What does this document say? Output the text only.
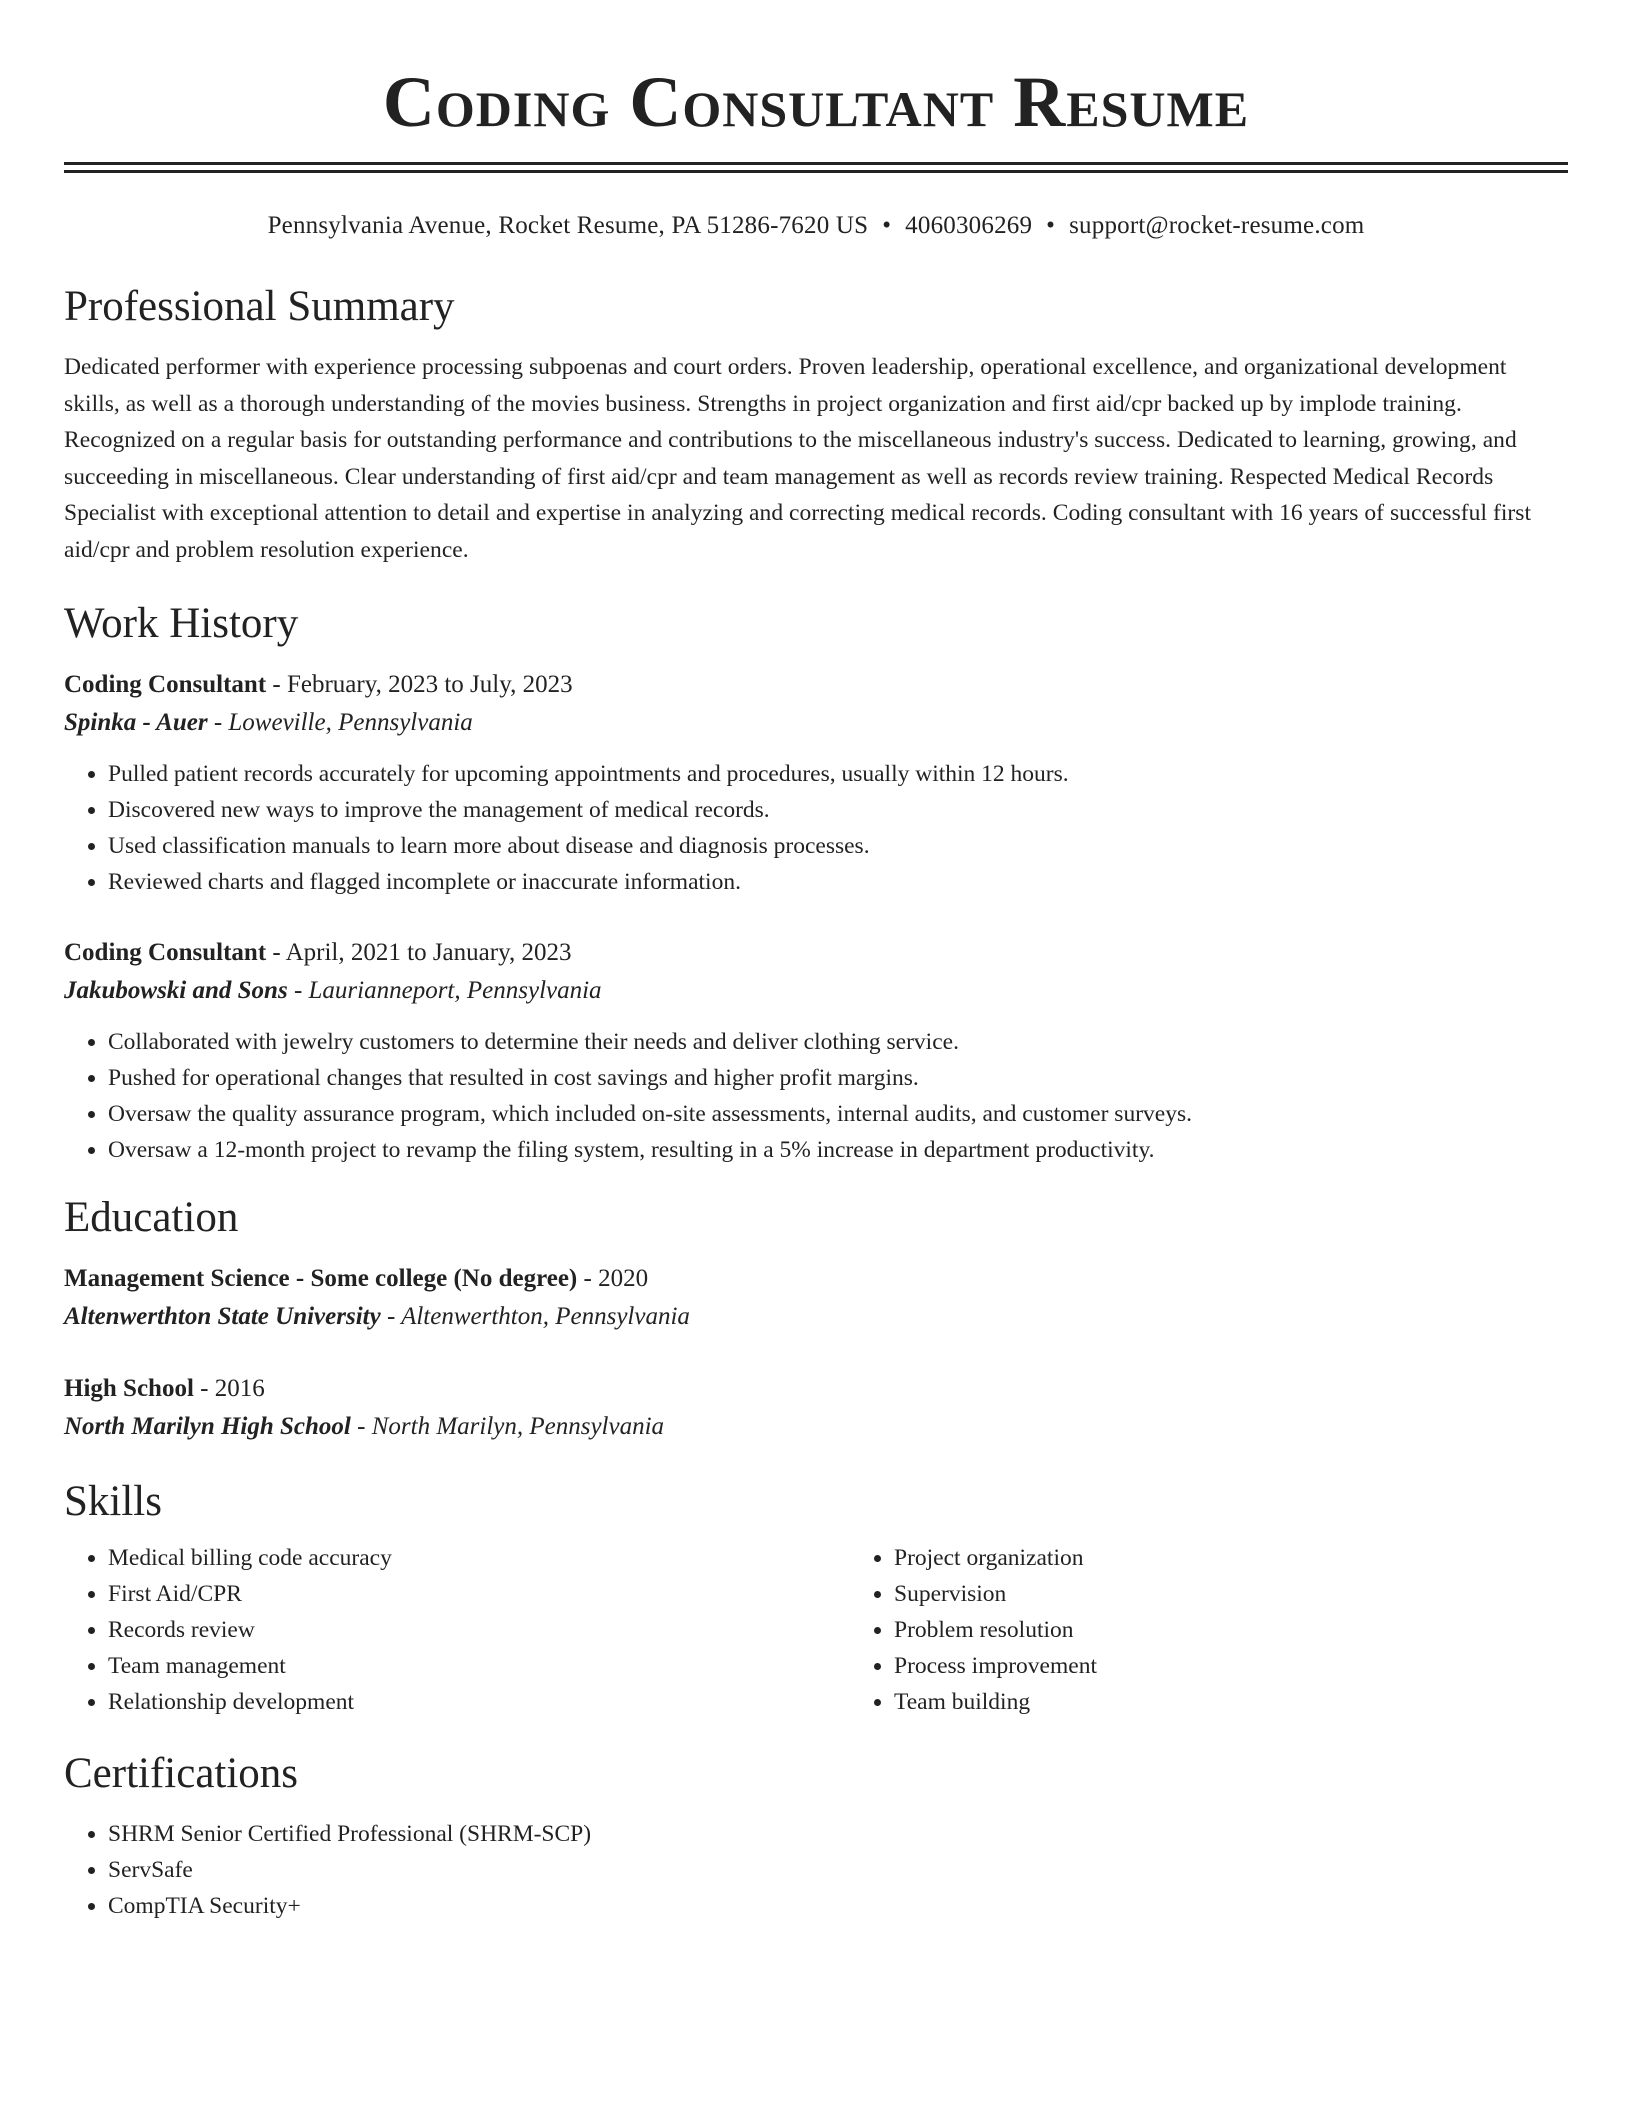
Coding Consultant Resume
Pennsylvania Avenue, Rocket Resume, PA 51286-7620 US • 4060306269 • support@rocket-resume.com
Professional Summary
Dedicated performer with experience processing subpoenas and court orders. Proven leadership, operational excellence, and organizational development skills, as well as a thorough understanding of the movies business. Strengths in project organization and first aid/cpr backed up by implode training. Recognized on a regular basis for outstanding performance and contributions to the miscellaneous industry's success. Dedicated to learning, growing, and succeeding in miscellaneous. Clear understanding of first aid/cpr and team management as well as records review training. Respected Medical Records Specialist with exceptional attention to detail and expertise in analyzing and correcting medical records. Coding consultant with 16 years of successful first aid/cpr and problem resolution experience.
Work History
Coding Consultant - February, 2023 to July, 2023
Spinka - Auer - Loweville, Pennsylvania
• Pulled patient records accurately for upcoming appointments and procedures, usually within 12 hours.
• Discovered new ways to improve the management of medical records.
• Used classification manuals to learn more about disease and diagnosis processes.
• Reviewed charts and flagged incomplete or inaccurate information.
Coding Consultant - April, 2021 to January, 2023
Jakubowski and Sons - Laurianneport, Pennsylvania
• Collaborated with jewelry customers to determine their needs and deliver clothing service.
• Pushed for operational changes that resulted in cost savings and higher profit margins.
• Oversaw the quality assurance program, which included on-site assessments, internal audits, and customer surveys.
• Oversaw a 12-month project to revamp the filing system, resulting in a 5% increase in department productivity.
Education
Management Science - Some college (No degree) - 2020
Altenwerthton State University - Altenwerthton, Pennsylvania
High School - 2016
North Marilyn High School - North Marilyn, Pennsylvania
Skills
• Medical billing code accuracy
• First Aid/CPR
• Records review
• Team management
• Relationship development
• Project organization
• Supervision
• Problem resolution
• Process improvement
• Team building
Certifications
• SHRM Senior Certified Professional (SHRM-SCP)
• ServSafe
• CompTIA Security+
